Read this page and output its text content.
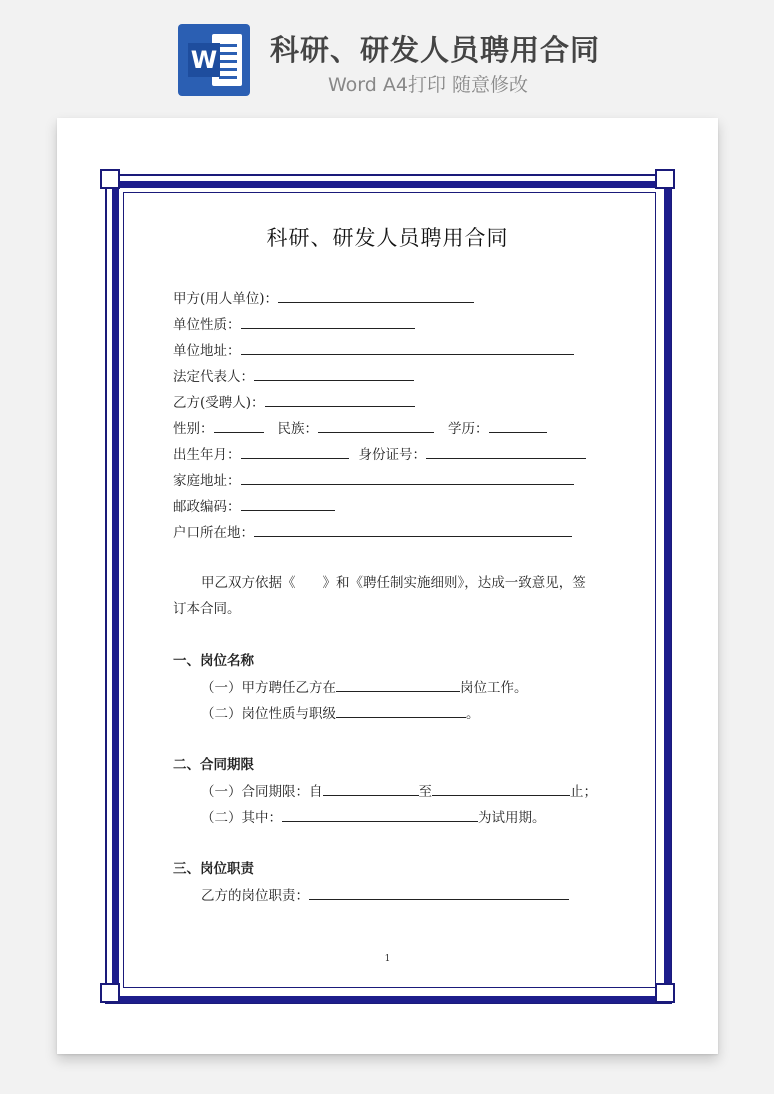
W 科研、研发人员聘用合同
Word A4打印 随意修改
科研、研发人员聘用合同
甲方(用人单位)：
单位性质：
单位地址：
法定代表人：
乙方(受聘人)：
性别：	民族：	学历：
出生年月：	身份证号：
家庭地址：
邮政编码：
户口所在地：
甲乙双方依据《　　》和《聘任制实施细则》，达成一致意见，签
订本合同。
一、岗位名称
（一）甲方聘任乙方在	岗位工作。
（二）岗位性质与职级	。
二、合同期限
（一）合同期限：自	至	止；
（二）其中：	为试用期。
三、岗位职责
乙方的岗位职责：
1
